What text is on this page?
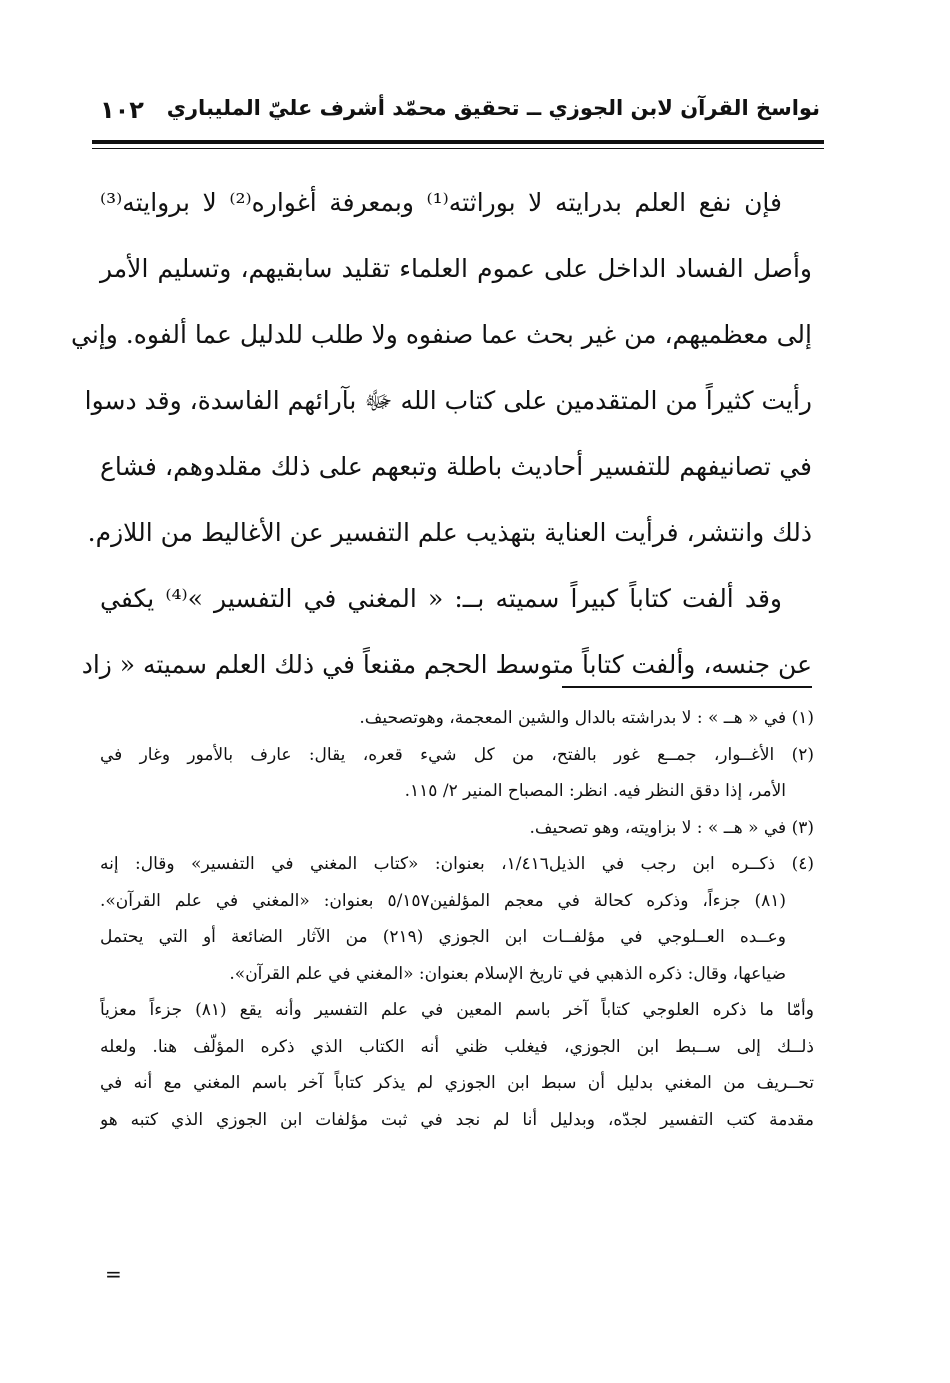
١٠٢ نواسخ القرآن لابن الجوزي ــ تحقيق محمّد أشرف عليّ المليباري
فإن نفع العلم بدرايته لا بوراثته⁽¹⁾ وبمعرفة أغواره⁽²⁾ لا بروايته⁽³⁾
وأصل الفساد الداخل على عموم العلماء تقليد سابقيهم، وتسليم الأمر
إلى معظميهم، من غير بحث عما صنفوه ولا طلب للدليل عما ألفوه. وإني
رأيت كثيراً من المتقدمين على كتاب الله ﷻ بآرائهم الفاسدة، وقد دسوا
في تصانيفهم للتفسير أحاديث باطلة وتبعهم على ذلك مقلدوهم، فشاع
ذلك وانتشر، فرأيت العناية بتهذيب علم التفسير عن الأغاليط من اللازم.
وقد ألفت كتاباً كبيراً سميته بــ: « المغني في التفسير »⁽⁴⁾ يكفي
عن جنسه، وألفت كتاباً متوسط الحجم مقنعاً في ذلك العلم سميته « زاد
(١) في « هــ » : لا بدراشته بالدال والشين المعجمة، وهوتصحيف.
(٢) الأغــوار، جمــع غور بالفتح، من كل شيء قعره، يقال: عارف بالأمور وغار في
الأمر، إذا دقق النظر فيه. انظر: المصباح المنير ٢/ ١١٥.
(٣) في « هــ » : لا بزاويته، وهو تصحيف.
(٤) ذكــره ابن رجب في الذيل١/٤١٦، بعنوان: «كتاب المغني في التفسير» وقال: إنه
(٨١) جزءاً، وذكره كحالة في معجم المؤلفين٥/١٥٧ بعنوان: «المغني في علم القرآن».
وعــده العــلوجي في مؤلفــات ابن الجوزي (٢١٩) من الآثار الضائعة أو التي يحتمل
ضياعها، وقال: ذكره الذهبي في تاريخ الإسلام بعنوان: «المغني في علم القرآن».
وأمّا ما ذكره العلوجي كتاباً آخر باسم المعين في علم التفسير وأنه يقع (٨١) جزءاً معزياً
ذلــك إلى ســبط ابن الجوزي، فيغلب ظني أنه الكتاب الذي ذكره المؤلّف هنا. ولعله
تحــريف من المغني بدليل أن سبط ابن الجوزي لم يذكر كتاباً آخر باسم المغني مع أنه في
مقدمة كتب التفسير لجدّه، وبدليل أنا لم نجد في ثبت مؤلفات ابن الجوزي الذي كتبه هو
=
